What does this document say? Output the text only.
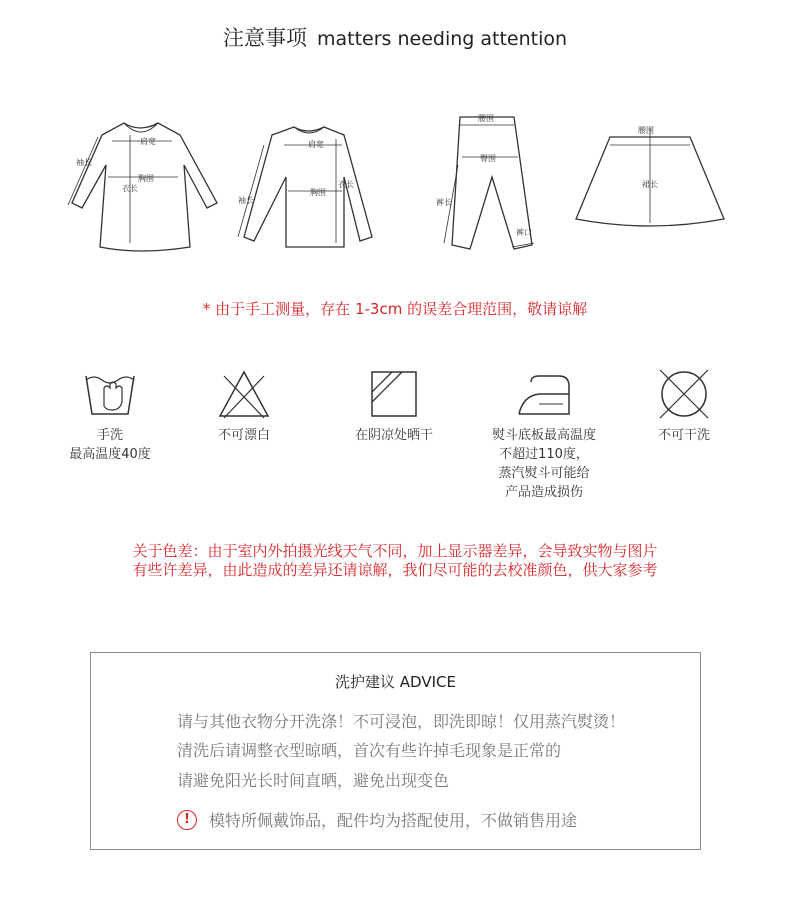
注意事项 matters needing attention
肩宽
胸围
衣长
袖长
肩宽
胸围
衣长
袖长
腰围
臀围
裤长
裤口
腰围
裙长
* 由于手工测量，存在 1-3cm 的误差合理范围，敬请谅解
手洗
最高温度40度
不可漂白	在阴凉处晒干	熨斗底板最高温度
不超过110度，
蒸汽熨斗可能给
产品造成损伤
不可干洗
关于色差：由于室内外拍摄光线天气不同，加上显示器差异，会导致实物与图片
有些许差异，由此造成的差异还请谅解，我们尽可能的去校准颜色，供大家参考
洗护建议 ADVICE
请与其他衣物分开洗涤！不可浸泡，即洗即晾！仅用蒸汽熨烫！
清洗后请调整衣型晾晒，首次有些许掉毛现象是正常的
请避免阳光长时间直晒，避免出现变色
!	模特所佩戴饰品，配件均为搭配使用，不做销售用途
